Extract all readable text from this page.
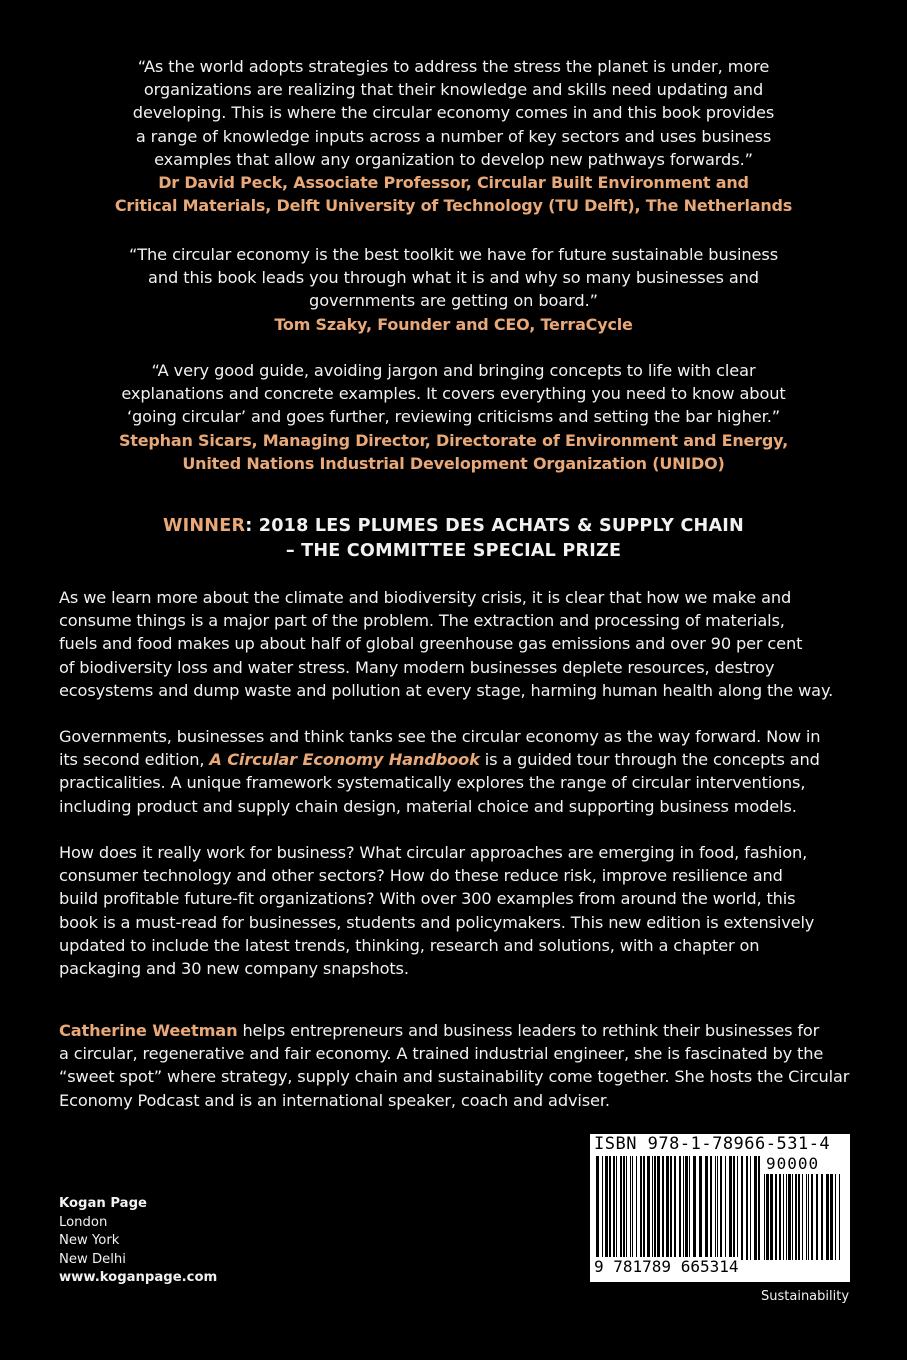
“As the world adopts strategies to address the stress the planet is under, more
organizations are realizing that their knowledge and skills need updating and
developing. This is where the circular economy comes in and this book provides
a range of knowledge inputs across a number of key sectors and uses business
examples that allow any organization to develop new pathways forwards.”
Dr David Peck, Associate Professor, Circular Built Environment and
Critical Materials, Delft University of Technology (TU Delft), The Netherlands
“The circular economy is the best toolkit we have for future sustainable business
and this book leads you through what it is and why so many businesses and
governments are getting on board.”
Tom Szaky, Founder and CEO, TerraCycle
“A very good guide, avoiding jargon and bringing concepts to life with clear
explanations and concrete examples. It covers everything you need to know about
‘going circular’ and goes further, reviewing criticisms and setting the bar higher.”
Stephan Sicars, Managing Director, Directorate of Environment and Energy,
United Nations Industrial Development Organization (UNIDO)
WINNER: 2018 LES PLUMES DES ACHATS & SUPPLY CHAIN
– THE COMMITTEE SPECIAL PRIZE
As we learn more about the climate and biodiversity crisis, it is clear that how we make and
consume things is a major part of the problem. The extraction and processing of materials,
fuels and food makes up about half of global greenhouse gas emissions and over 90 per cent
of biodiversity loss and water stress. Many modern businesses deplete resources, destroy
ecosystems and dump waste and pollution at every stage, harming human health along the way.
Governments, businesses and think tanks see the circular economy as the way forward. Now in
its second edition, A Circular Economy Handbook is a guided tour through the concepts and
practicalities. A unique framework systematically explores the range of circular interventions,
including product and supply chain design, material choice and supporting business models.
How does it really work for business? What circular approaches are emerging in food, fashion,
consumer technology and other sectors? How do these reduce risk, improve resilience and
build profitable future-fit organizations? With over 300 examples from around the world, this
book is a must-read for businesses, students and policymakers. This new edition is extensively
updated to include the latest trends, thinking, research and solutions, with a chapter on
packaging and 30 new company snapshots.
Catherine Weetman helps entrepreneurs and business leaders to rethink their businesses for
a circular, regenerative and fair economy. A trained industrial engineer, she is fascinated by the
“sweet spot” where strategy, supply chain and sustainability come together. She hosts the Circular
Economy Podcast and is an international speaker, coach and adviser.
Kogan Page
London
New York
New Delhi
www.koganpage.com
ISBN 978-1-78966-531-4
90000
9 781789 665314
Sustainability
